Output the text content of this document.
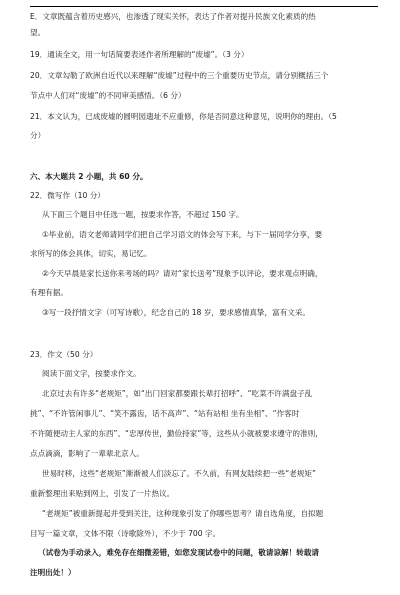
E．文章既蕴含着历史感兴，也渗透了现实关怀，表达了作者对提升民族文化素质的热
望。
19．通读全文，用一句话简要表述作者所理解的“废墟”。（3 分）
20．文章勾勒了欧洲自近代以来理解“废墟”过程中的三个重要历史节点，请分别概括三个
节点中人们对“废墟”的不同审美感悟。（6 分）
21．本文认为，已成废墟的圆明园遗址不应重修，你是否同意这种意见，说明你的理由。（5
分）
六、本大题共 2 小题，共 60 分。
22．微写作（10 分）
从下面三个题目中任选一题，按要求作答，不超过 150 字。
①毕业前，语文老师请同学们把自己学习语文的体会写下来，与下一届同学分享，要
求所写的体会具体，切实，易记忆。
②今天早晨是家长送你来考场的吗？请对“家长送考”现象予以评论，要求观点明确，
有理有据。
③写一段抒情文字（可写诗歌），纪念自己的 18 岁，要求感情真挚，富有文采。
23．作文（50 分）
阅读下面文字，按要求作文。
北京过去有许多“老规矩”，如“出门回家都要跟长辈打招呼”、“吃菜不许满盘子乱
挑”、“不许管闲事儿”、“笑不露齿，话不高声”、“站有站相 坐有坐相”、“作客时
不许随便动主人家的东西”、“忠厚传世，勤俭持家”等，这些从小就被要求遵守的准则，
点点滴滴，影响了一辈辈北京人。
世易时移，这些“老规矩”渐渐被人们淡忘了。不久前，有网友陆续把一些“老规矩”
重新整理出来贴到网上，引发了一片热议。
“老规矩”被重新提起并受到关注，这种现象引发了你哪些思考？请自选角度，自拟题
目写一篇文章，文体不限（诗歌除外），不少于 700 字。
（试卷为手动录入，难免存在细微差错，如您发现试卷中的问题，敬请谅解！转载请
注明出处！）
